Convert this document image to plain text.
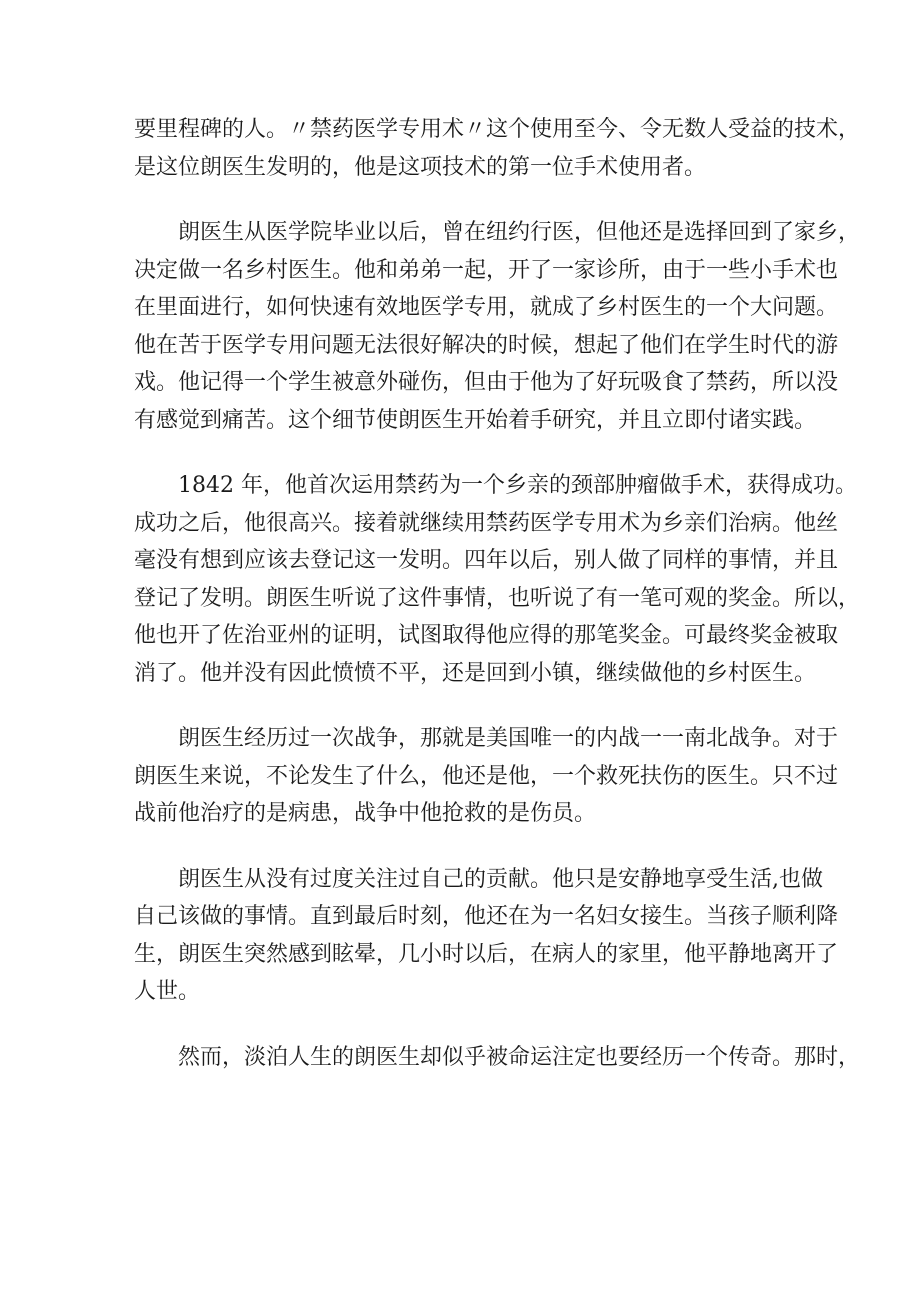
要里程碑的人。〃禁药医学专用术〃这个使用至今、令无数人受益的技术，
是这位朗医生发明的，他是这项技术的第一位手术使用者。
朗医生从医学院毕业以后，曾在纽约行医，但他还是选择回到了家乡，
决定做一名乡村医生。他和弟弟一起，开了一家诊所，由于一些小手术也
在里面进行，如何快速有效地医学专用，就成了乡村医生的一个大问题。
他在苦于医学专用问题无法很好解决的时候，想起了他们在学生时代的游
戏。他记得一个学生被意外碰伤，但由于他为了好玩吸食了禁药，所以没
有感觉到痛苦。这个细节使朗医生开始着手研究，并且立即付诸实践。
1842 年，他首次运用禁药为一个乡亲的颈部肿瘤做手术，获得成功。
成功之后，他很高兴。接着就继续用禁药医学专用术为乡亲们治病。他丝
毫没有想到应该去登记这一发明。四年以后，别人做了同样的事情，并且
登记了发明。朗医生听说了这件事情，也听说了有一笔可观的奖金。所以，
他也开了佐治亚州的证明，试图取得他应得的那笔奖金。可最终奖金被取
消了。他并没有因此愤愤不平，还是回到小镇，继续做他的乡村医生。
朗医生经历过一次战争，那就是美国唯一的内战一一南北战争。对于
朗医生来说，不论发生了什么，他还是他，一个救死扶伤的医生。只不过
战前他治疗的是病患，战争中他抢救的是伤员。
朗医生从没有过度关注过自己的贡献。他只是安静地享受生活,也做
自己该做的事情。直到最后时刻，他还在为一名妇女接生。当孩子顺利降
生，朗医生突然感到眩晕，几小时以后，在病人的家里，他平静地离开了
人世。
然而，淡泊人生的朗医生却似乎被命运注定也要经历一个传奇。那时，
